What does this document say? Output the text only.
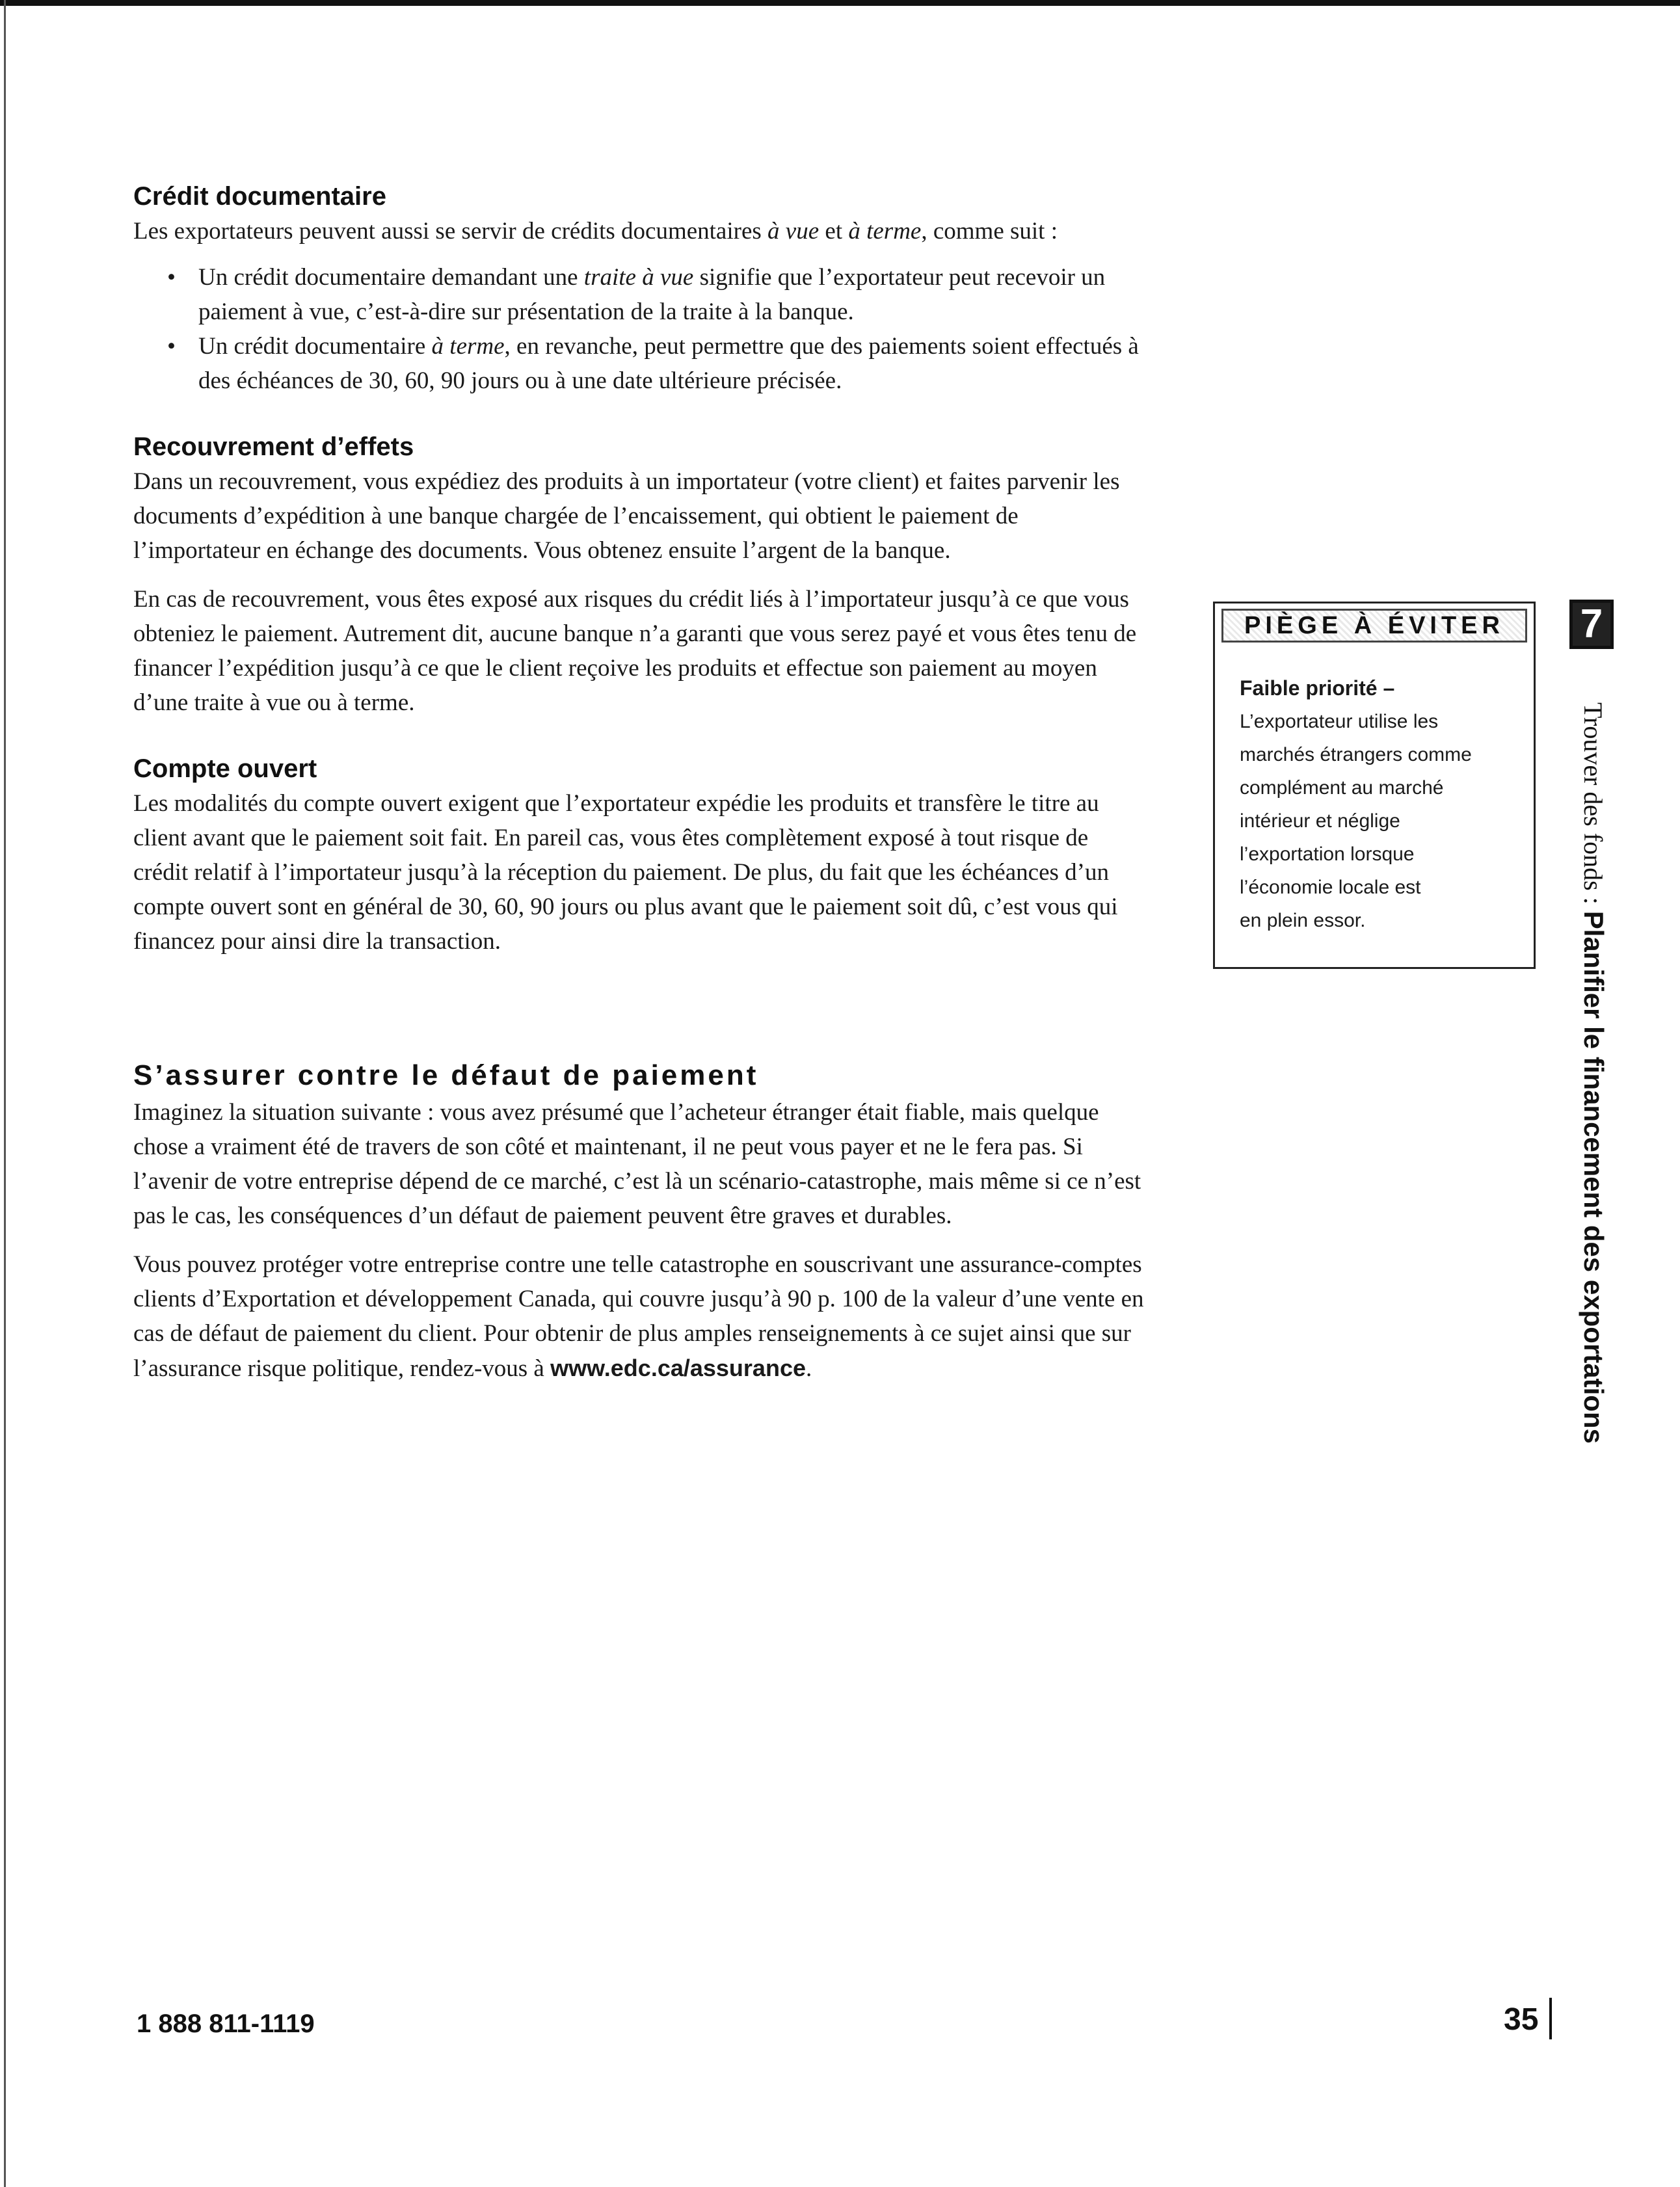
Crédit documentaire

Les exportateurs peuvent aussi se servir de crédits documentaires à vue et à terme, comme suit :

• Un crédit documentaire demandant une traite à vue signifie que l’exportateur peut recevoir un paiement à vue, c’est-à-dire sur présentation de la traite à la banque.
• Un crédit documentaire à terme, en revanche, peut permettre que des paiements soient effectués à des échéances de 30, 60, 90 jours ou à une date ultérieure précisée.
Recouvrement d’effets

Dans un recouvrement, vous expédiez des produits à un importateur (votre client) et faites parvenir les documents d’expédition à une banque chargée de l’encaissement, qui obtient le paiement de l’importateur en échange des documents. Vous obtenez ensuite l’argent de la banque.

En cas de recouvrement, vous êtes exposé aux risques du crédit liés à l’importateur jusqu’à ce que vous obteniez le paiement. Autrement dit, aucune banque n’a garanti que vous serez payé et vous êtes tenu de financer l’expédition jusqu’à ce que le client reçoive les produits et effectue son paiement au moyen d’une traite à vue ou à terme.

Compte ouvert

Les modalités du compte ouvert exigent que l’exportateur expédie les produits et transfère le titre au client avant que le paiement soit fait. En pareil cas, vous êtes complètement exposé à tout risque de crédit relatif à l’importateur jusqu’à la réception du paiement. De plus, du fait que les échéances d’un compte ouvert sont en général de 30, 60, 90 jours ou plus avant que le paiement soit dû, c’est vous qui financez pour ainsi dire la transaction.

S’assurer contre le défaut de paiement

Imaginez la situation suivante : vous avez présumé que l’acheteur étranger était fiable, mais quelque chose a vraiment été de travers de son côté et maintenant, il ne peut vous payer et ne le fera pas. Si l’avenir de votre entreprise dépend de ce marché, c’est là un scénario-catastrophe, mais même si ce n’est pas le cas, les conséquences d’un défaut de paiement peuvent être graves et durables.

Vous pouvez protéger votre entreprise contre une telle catastrophe en souscrivant une assurance-comptes clients d’Exportation et développement Canada, qui couvre jusqu’à 90 p. 100 de la valeur d’une vente en cas de défaut de paiement du client. Pour obtenir de plus amples renseignements à ce sujet ainsi que sur l’assurance risque politique, rendez-vous à www.edc.ca/assurance.

PIÈGE À ÉVITER
Faible priorité –
L’exportateur utilise les
marchés étrangers comme
complément au marché
intérieur et néglige
l’exportation lorsque
l’économie locale est
en plein essor.
7
Trouver des fonds : Planifier le financement des exportations
1 888 811-1119	35
